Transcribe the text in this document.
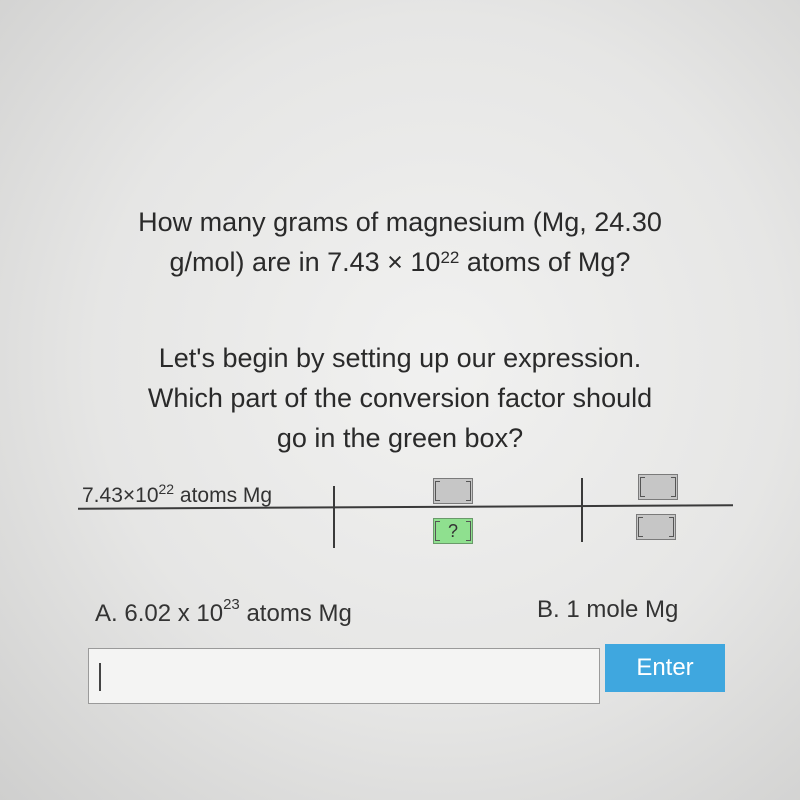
How many grams of magnesium (Mg, 24.30
g/mol) are in $7.43 \times 10^{22}$ atoms of Mg?
Let's begin by setting up our expression.
Which part of the conversion factor should
go in the green box?
$7.43\times 10^{22}$ atoms Mg
?
A. 6.02 x $10^{23}$ atoms Mg	B. 1 mole Mg
Enter
